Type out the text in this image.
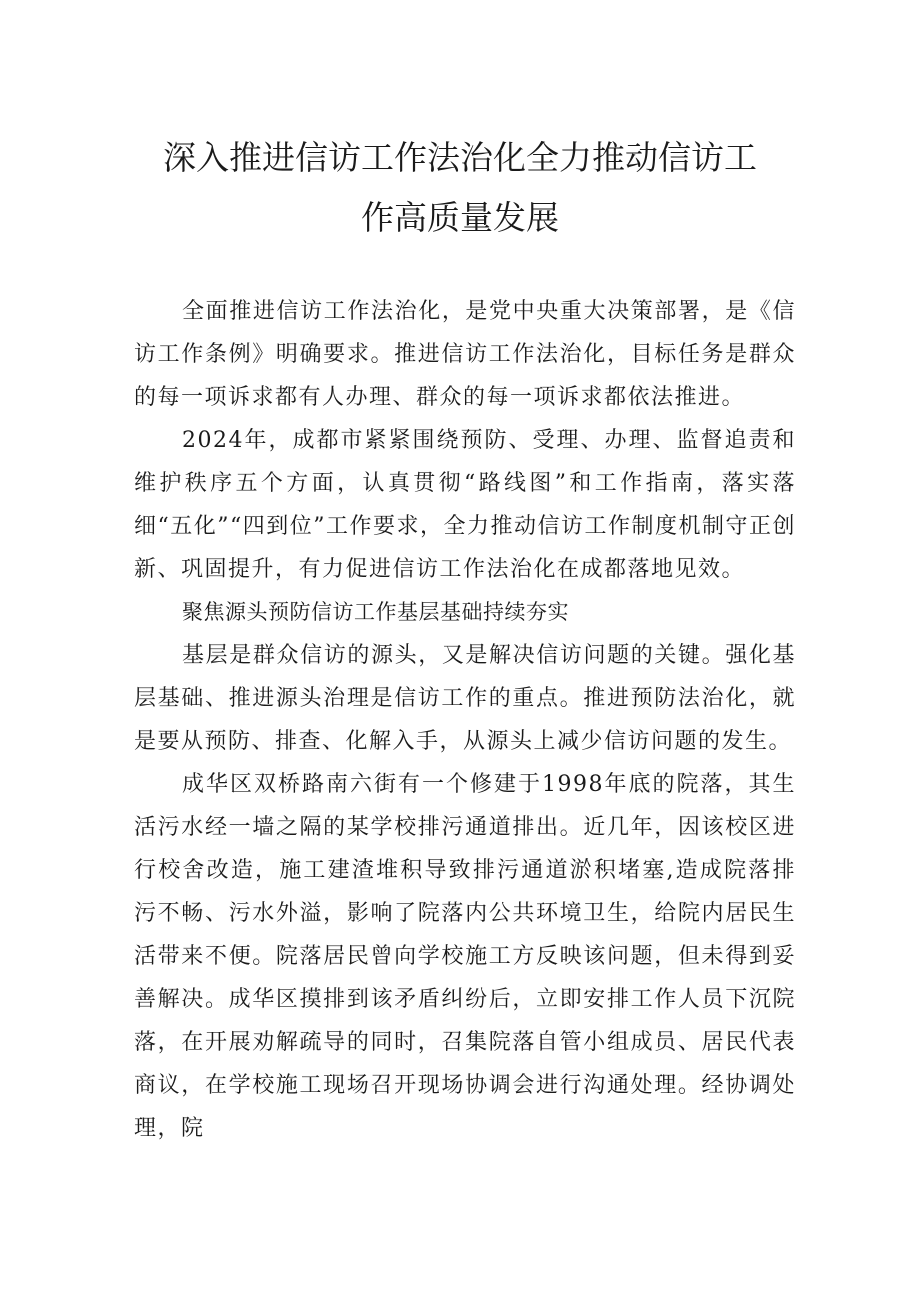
深入推进信访工作法治化全力推动信访工
作高质量发展

全面推进信访工作法治化，是党中央重大决策部署，是《信访工作条例》明确要求。推进信访工作法治化，目标任务是群众的每一项诉求都有人办理、群众的每一项诉求都依法推进。

2024年，成都市紧紧围绕预防、受理、办理、监督追责和维护秩序五个方面，认真贯彻“路线图”和工作指南，落实落细“五化”“四到位”工作要求，全力推动信访工作制度机制守正创新、巩固提升，有力促进信访工作法治化在成都落地见效。

聚焦源头预防信访工作基层基础持续夯实

基层是群众信访的源头，又是解决信访问题的关键。强化基层基础、推进源头治理是信访工作的重点。推进预防法治化，就是要从预防、排查、化解入手，从源头上减少信访问题的发生。

成华区双桥路南六街有一个修建于1998年底的院落，其生活污水经一墙之隔的某学校排污通道排出。近几年，因该校区进行校舍改造，施工建渣堆积导致排污通道淤积堵塞,造成院落排污不畅、污水外溢，影响了院落内公共环境卫生，给院内居民生活带来不便。院落居民曾向学校施工方反映该问题，但未得到妥善解决。成华区摸排到该矛盾纠纷后，立即安排工作人员下沉院落，在开展劝解疏导的同时，召集院落自管小组成员、居民代表商议，在学校施工现场召开现场协调会进行沟通处理。经协调处理，院
